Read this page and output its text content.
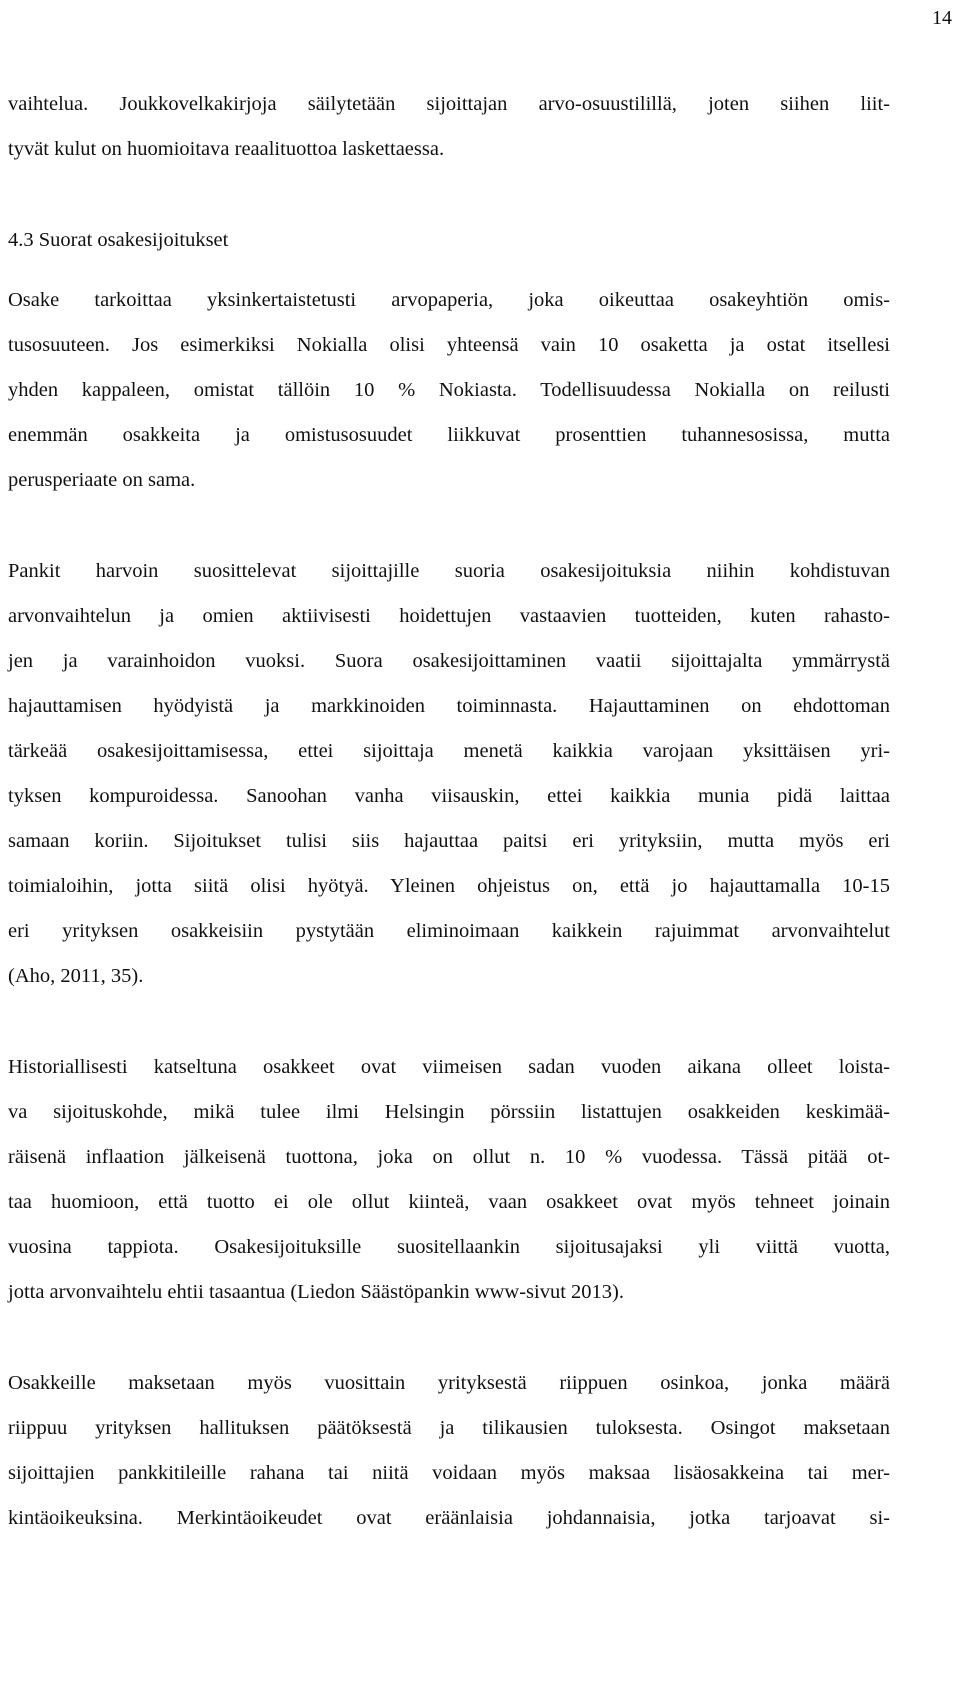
14
vaihtelua. Joukkovelkakirjoja säilytetään sijoittajan arvo-osuustilillä, joten siihen liit-
tyvät kulut on huomioitava reaalituottoa laskettaessa.
4.3 Suorat osakesijoitukset
Osake tarkoittaa yksinkertaistetusti arvopaperia, joka oikeuttaa osakeyhtiön omis-
tusosuuteen. Jos esimerkiksi Nokialla olisi yhteensä vain 10 osaketta ja ostat itsellesi
yhden kappaleen, omistat tällöin 10 % Nokiasta. Todellisuudessa Nokialla on reilusti
enemmän osakkeita ja omistusosuudet liikkuvat prosenttien tuhannesosissa, mutta
perusperiaate on sama.
Pankit harvoin suosittelevat sijoittajille suoria osakesijoituksia niihin kohdistuvan
arvonvaihtelun ja omien aktiivisesti hoidettujen vastaavien tuotteiden, kuten rahasto-
jen ja varainhoidon vuoksi. Suora osakesijoittaminen vaatii sijoittajalta ymmärrystä
hajauttamisen hyödyistä ja markkinoiden toiminnasta. Hajauttaminen on ehdottoman
tärkeää osakesijoittamisessa, ettei sijoittaja menetä kaikkia varojaan yksittäisen yri-
tyksen kompuroidessa. Sanoohan vanha viisauskin, ettei kaikkia munia pidä laittaa
samaan koriin. Sijoitukset tulisi siis hajauttaa paitsi eri yrityksiin, mutta myös eri
toimialoihin, jotta siitä olisi hyötyä. Yleinen ohjeistus on, että jo hajauttamalla 10-15
eri yrityksen osakkeisiin pystytään eliminoimaan kaikkein rajuimmat arvonvaihtelut
(Aho, 2011, 35).
Historiallisesti katseltuna osakkeet ovat viimeisen sadan vuoden aikana olleet loista-
va sijoituskohde, mikä tulee ilmi Helsingin pörssiin listattujen osakkeiden keskimää-
räisenä inflaation jälkeisenä tuottona, joka on ollut n. 10 % vuodessa. Tässä pitää ot-
taa huomioon, että tuotto ei ole ollut kiinteä, vaan osakkeet ovat myös tehneet joinain
vuosina tappiota. Osakesijoituksille suositellaankin sijoitusajaksi yli viittä vuotta,
jotta arvonvaihtelu ehtii tasaantua (Liedon Säästöpankin www-sivut 2013).
Osakkeille maksetaan myös vuosittain yrityksestä riippuen osinkoa, jonka määrä
riippuu yrityksen hallituksen päätöksestä ja tilikausien tuloksesta. Osingot maksetaan
sijoittajien pankkitileille rahana tai niitä voidaan myös maksaa lisäosakkeina tai mer-
kintäoikeuksina. Merkintäoikeudet ovat eräänlaisia johdannaisia, jotka tarjoavat si-
